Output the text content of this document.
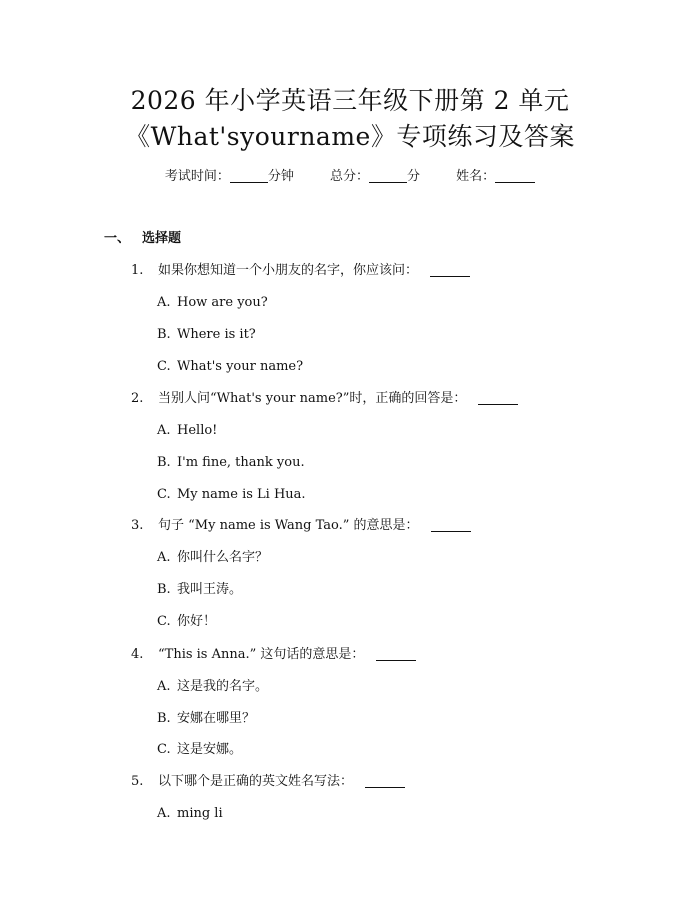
2026 年小学英语三年级下册第 2 单元
《What'syourname》专项练习及答案
考试时间：	分钟	总分：	分	姓名：
一、 选择题
1. 如果你想知道一个小朋友的名字，你应该问：
A. How are you?
B. Where is it?
C. What's your name?
2. 当别人问“What's your name?”时，正确的回答是：
A. Hello!
B. I'm fine, thank you.
C. My name is Li Hua.
3. 句子 “My name is Wang Tao.” 的意思是：
A. 你叫什么名字？
B. 我叫王涛。
C. 你好！
4. “This is Anna.” 这句话的意思是：
A. 这是我的名字。
B. 安娜在哪里？
C. 这是安娜。
5. 以下哪个是正确的英文姓名写法：
A. ming li
